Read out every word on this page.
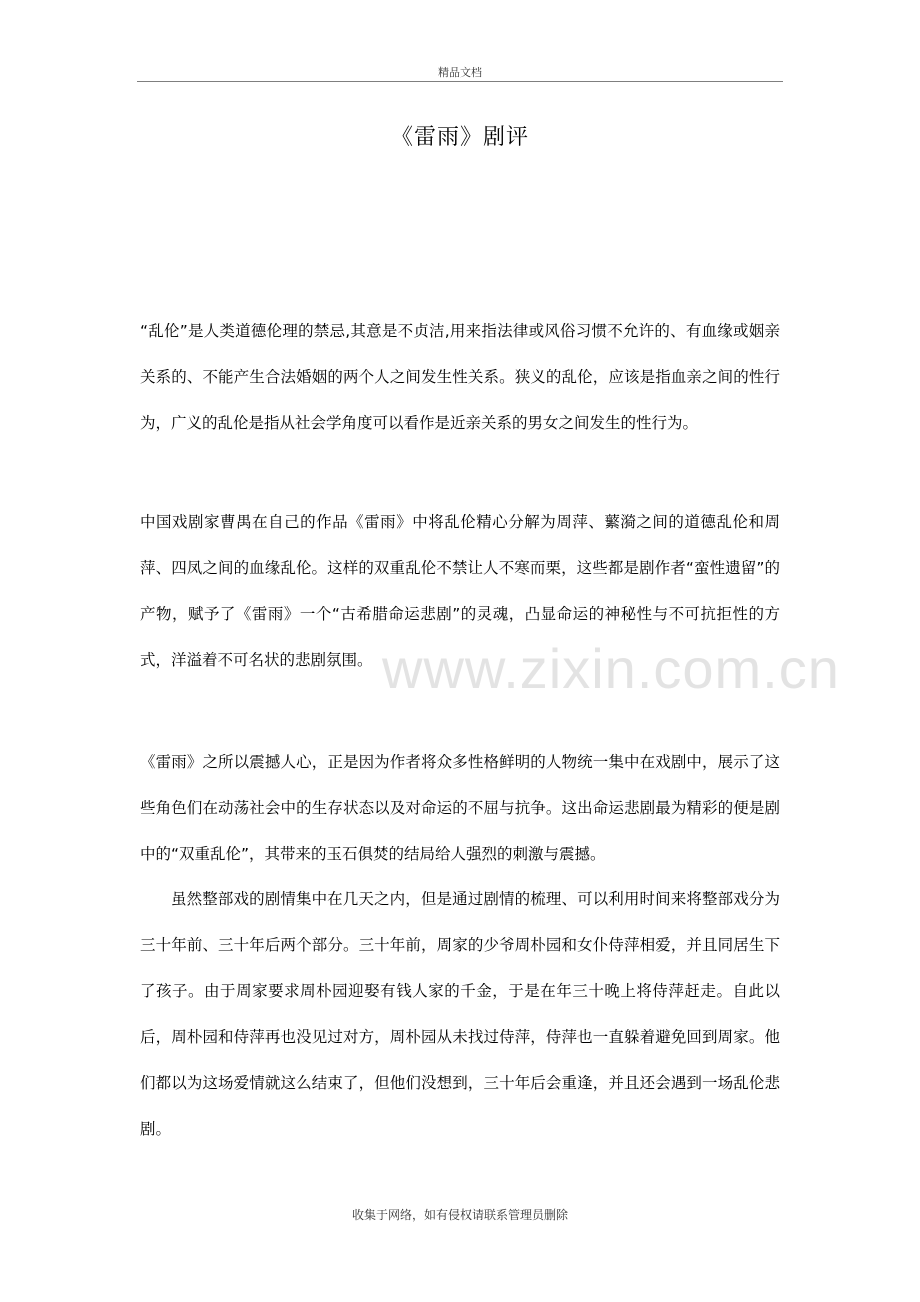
精品文档

《雷雨》剧评

“乱伦”是人类道德伦理的禁忌,其意是不贞洁,用来指法律或风俗习惯不允许的、有血缘或姻亲关系的、不能产生合法婚姻的两个人之间发生性关系。狭义的乱伦，应该是指血亲之间的性行为，广义的乱伦是指从社会学角度可以看作是近亲关系的男女之间发生的性行为。

中国戏剧家曹禺在自己的作品《雷雨》中将乱伦精心分解为周萍、蘩漪之间的道德乱伦和周萍、四凤之间的血缘乱伦。这样的双重乱伦不禁让人不寒而栗，这些都是剧作者“蛮性遗留”的产物，赋予了《雷雨》一个“古希腊命运悲剧”的灵魂，凸显命运的神秘性与不可抗拒性的方式，洋溢着不可名状的悲剧氛围。

《雷雨》之所以震撼人心，正是因为作者将众多性格鲜明的人物统一集中在戏剧中，展示了这些角色们在动荡社会中的生存状态以及对命运的不屈与抗争。这出命运悲剧最为精彩的便是剧中的“双重乱伦”，其带来的玉石俱焚的结局给人强烈的刺激与震撼。

虽然整部戏的剧情集中在几天之内，但是通过剧情的梳理、可以利用时间来将整部戏分为三十年前、三十年后两个部分。三十年前，周家的少爷周朴园和女仆侍萍相爱，并且同居生下了孩子。由于周家要求周朴园迎娶有钱人家的千金，于是在年三十晚上将侍萍赶走。自此以后，周朴园和侍萍再也没见过对方，周朴园从未找过侍萍，侍萍也一直躲着避免回到周家。他们都以为这场爱情就这么结束了，但他们没想到，三十年后会重逢，并且还会遇到一场乱伦悲剧。

www.zixin.com.cn

收集于网络，如有侵权请联系管理员删除
